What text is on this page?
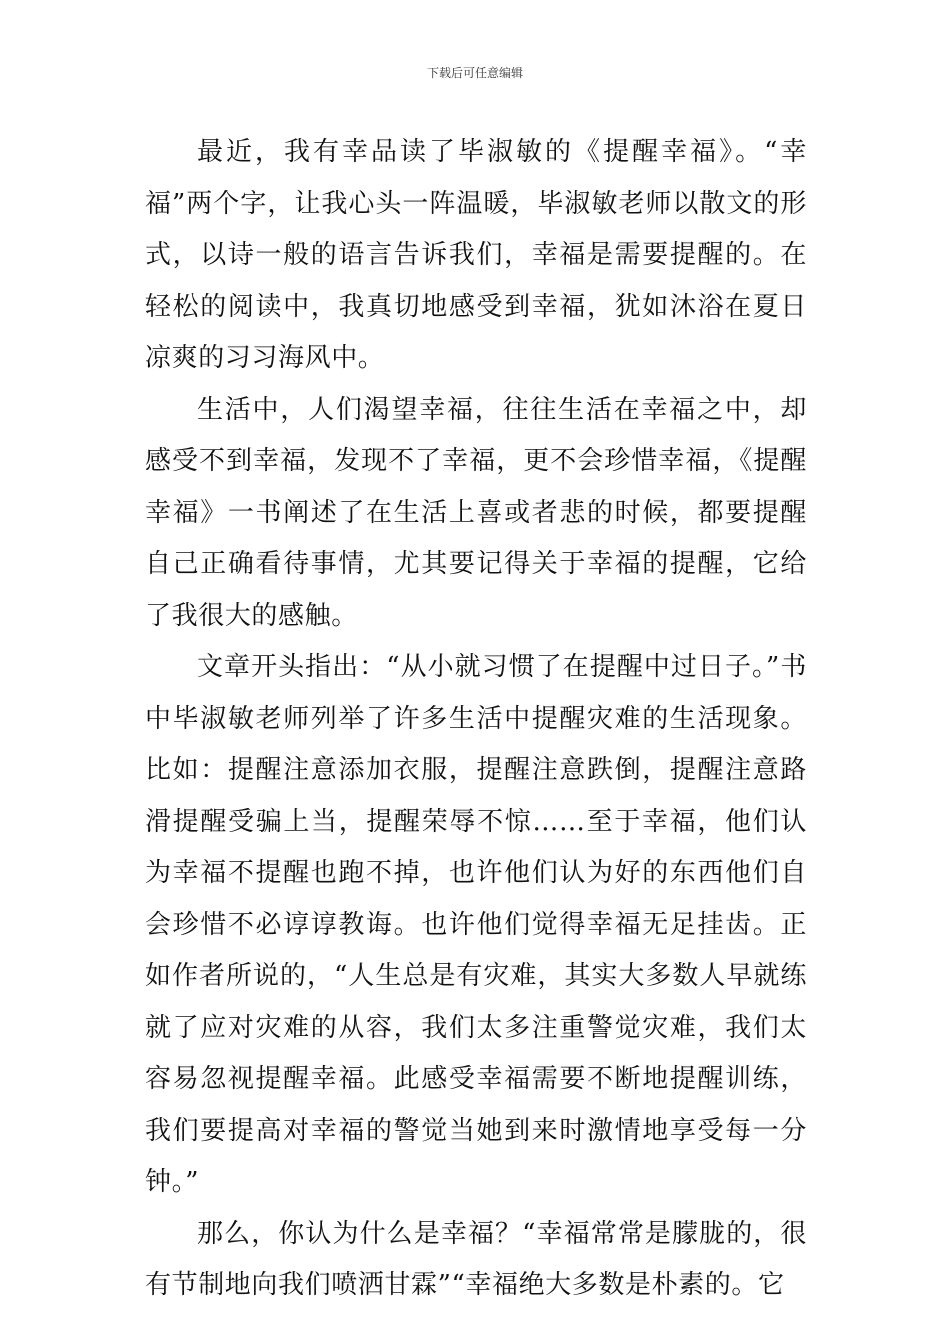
下载后可任意编辑

最近，我有幸品读了毕淑敏的《提醒幸福》。“幸福”两个字，让我心头一阵温暖，毕淑敏老师以散文的形式，以诗一般的语言告诉我们，幸福是需要提醒的。在轻松的阅读中，我真切地感受到幸福，犹如沐浴在夏日凉爽的习习海风中。

生活中，人们渴望幸福，往往生活在幸福之中，却感受不到幸福，发现不了幸福，更不会珍惜幸福，《提醒幸福》一书阐述了在生活上喜或者悲的时候，都要提醒自己正确看待事情，尤其要记得关于幸福的提醒，它给了我很大的感触。

文章开头指出：“从小就习惯了在提醒中过日子。”书中毕淑敏老师列举了许多生活中提醒灾难的生活现象。比如：提醒注意添加衣服，提醒注意跌倒，提醒注意路滑提醒受骗上当，提醒荣辱不惊……至于幸福，他们认为幸福不提醒也跑不掉，也许他们认为好的东西他们自会珍惜不必谆谆教诲。也许他们觉得幸福无足挂齿。正如作者所说的，“人生总是有灾难，其实大多数人早就练就了应对灾难的从容，我们太多注重警觉灾难，我们太容易忽视提醒幸福。此感受幸福需要不断地提醒训练，我们要提高对幸福的警觉当她到来时激情地享受每一分钟。”

那么，你认为什么是幸福？“幸福常常是朦胧的，很有节制地向我们喷洒甘霖”“幸福绝大多数是朴素的。它
